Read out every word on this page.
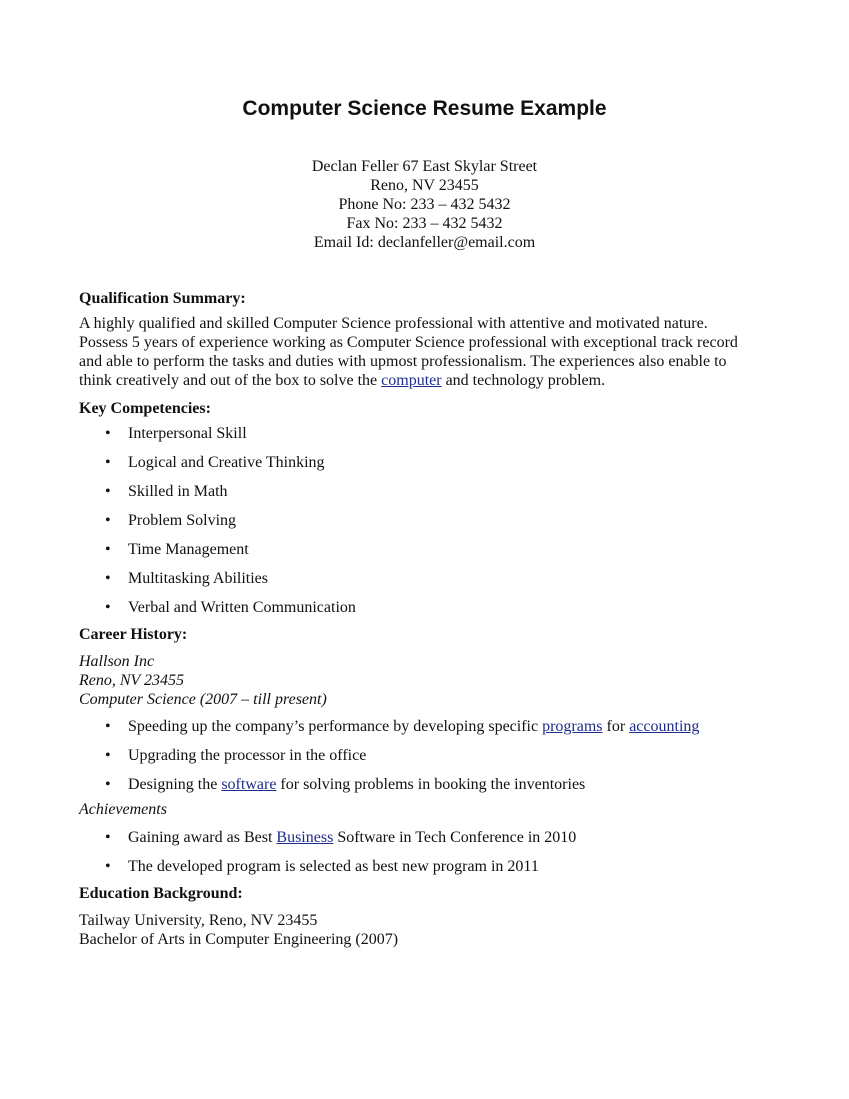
Computer Science Resume Example
Declan Feller 67 East Skylar Street
Reno, NV 23455
Phone No: 233 – 432 5432
Fax No: 233 – 432 5432
Email Id: declanfeller@email.com
Qualification Summary:
A highly qualified and skilled Computer Science professional with attentive and motivated nature.
Possess 5 years of experience working as Computer Science professional with exceptional track record
and able to perform the tasks and duties with upmost professionalism. The experiences also enable to
think creatively and out of the box to solve the computer and technology problem.
Key Competencies:
• Interpersonal Skill
• Logical and Creative Thinking
• Skilled in Math
• Problem Solving
• Time Management
• Multitasking Abilities
• Verbal and Written Communication
Career History:
Hallson Inc
Reno, NV 23455
Computer Science (2007 – till present)
• Speeding up the company’s performance by developing specific programs for accounting
• Upgrading the processor in the office
• Designing the software for solving problems in booking the inventories
Achievements
• Gaining award as Best Business Software in Tech Conference in 2010
• The developed program is selected as best new program in 2011
Education Background:
Tailway University, Reno, NV 23455
Bachelor of Arts in Computer Engineering (2007)
